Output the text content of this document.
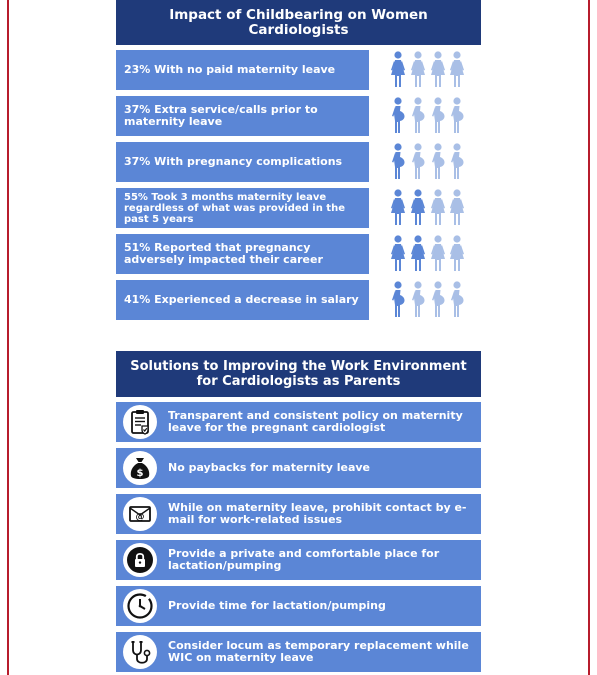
Impact of Childbearing on Women Cardiologists
23% With no paid maternity leave
37% Extra service/calls prior to maternity leave
37% With pregnancy complications
55% Took 3 months maternity leave regardless of what was provided in the past 5 years
51% Reported that pregnancy adversely impacted their career
41% Experienced a decrease in salary
Solutions to Improving the Work Environment for Cardiologists as Parents
Transparent and consistent policy on maternity leave for the pregnant cardiologist
$ No paybacks for maternity leave
@
While on maternity leave, prohibit contact by e-mail for work-related issues
Provide a private and comfortable place for lactation/pumping
Provide time for lactation/pumping
Consider locum as temporary replacement while WIC on maternity leave
